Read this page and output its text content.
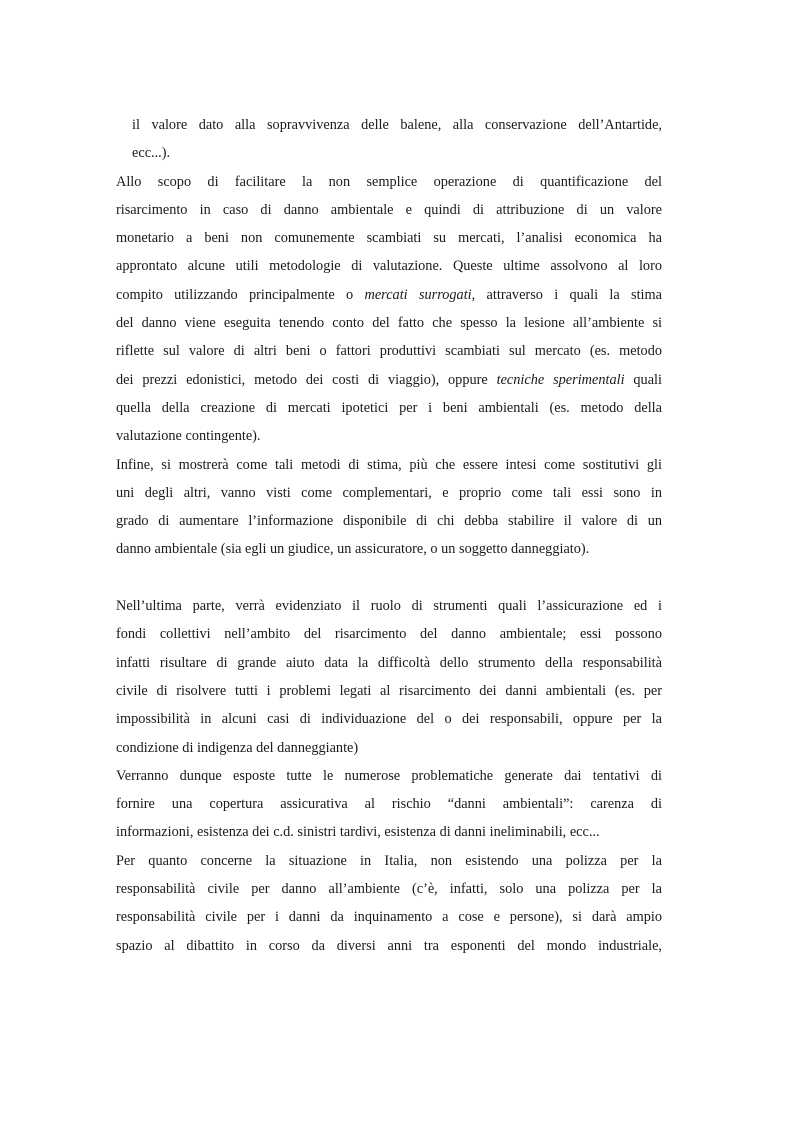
il valore dato alla sopravvivenza delle balene, alla conservazione dell’Antartide,
ecc...).
Allo scopo di facilitare la non semplice operazione di quantificazione del
risarcimento in caso di danno ambientale e quindi di attribuzione di un valore
monetario a beni non comunemente scambiati su mercati, l’analisi economica ha
approntato alcune utili metodologie di valutazione. Queste ultime assolvono al loro
compito utilizzando principalmente o mercati surrogati, attraverso i quali la stima
del danno viene eseguita tenendo conto del fatto che spesso la lesione all’ambiente si
riflette sul valore di altri beni o fattori produttivi scambiati sul mercato (es. metodo
dei prezzi edonistici, metodo dei costi di viaggio), oppure tecniche sperimentali quali
quella della creazione di mercati ipotetici per i beni ambientali (es. metodo della
valutazione contingente).
Infine, si mostrerà come tali metodi di stima, più che essere intesi come sostitutivi gli
uni degli altri, vanno visti come complementari, e proprio come tali essi sono in
grado di aumentare l’informazione disponibile di chi debba stabilire il valore di un
danno ambientale (sia egli un giudice, un assicuratore, o un soggetto danneggiato).
Nell’ultima parte, verrà evidenziato il ruolo di strumenti quali l’assicurazione ed i
fondi collettivi nell’ambito del risarcimento del danno ambientale; essi possono
infatti risultare di grande aiuto data la difficoltà dello strumento della responsabilità
civile di risolvere tutti i problemi legati al risarcimento dei danni ambientali (es. per
impossibilità in alcuni casi di individuazione del o dei responsabili, oppure per la
condizione di indigenza del danneggiante)
Verranno dunque esposte tutte le numerose problematiche generate dai tentativi di
fornire una copertura assicurativa al rischio “danni ambientali”: carenza di
informazioni, esistenza dei c.d. sinistri tardivi, esistenza di danni ineliminabili, ecc...
Per quanto concerne la situazione in Italia, non esistendo una polizza per la
responsabilità civile per danno all’ambiente (c’è, infatti, solo una polizza per la
responsabilità civile per i danni da inquinamento a cose e persone), si darà ampio
spazio al dibattito in corso da diversi anni tra esponenti del mondo industriale,
